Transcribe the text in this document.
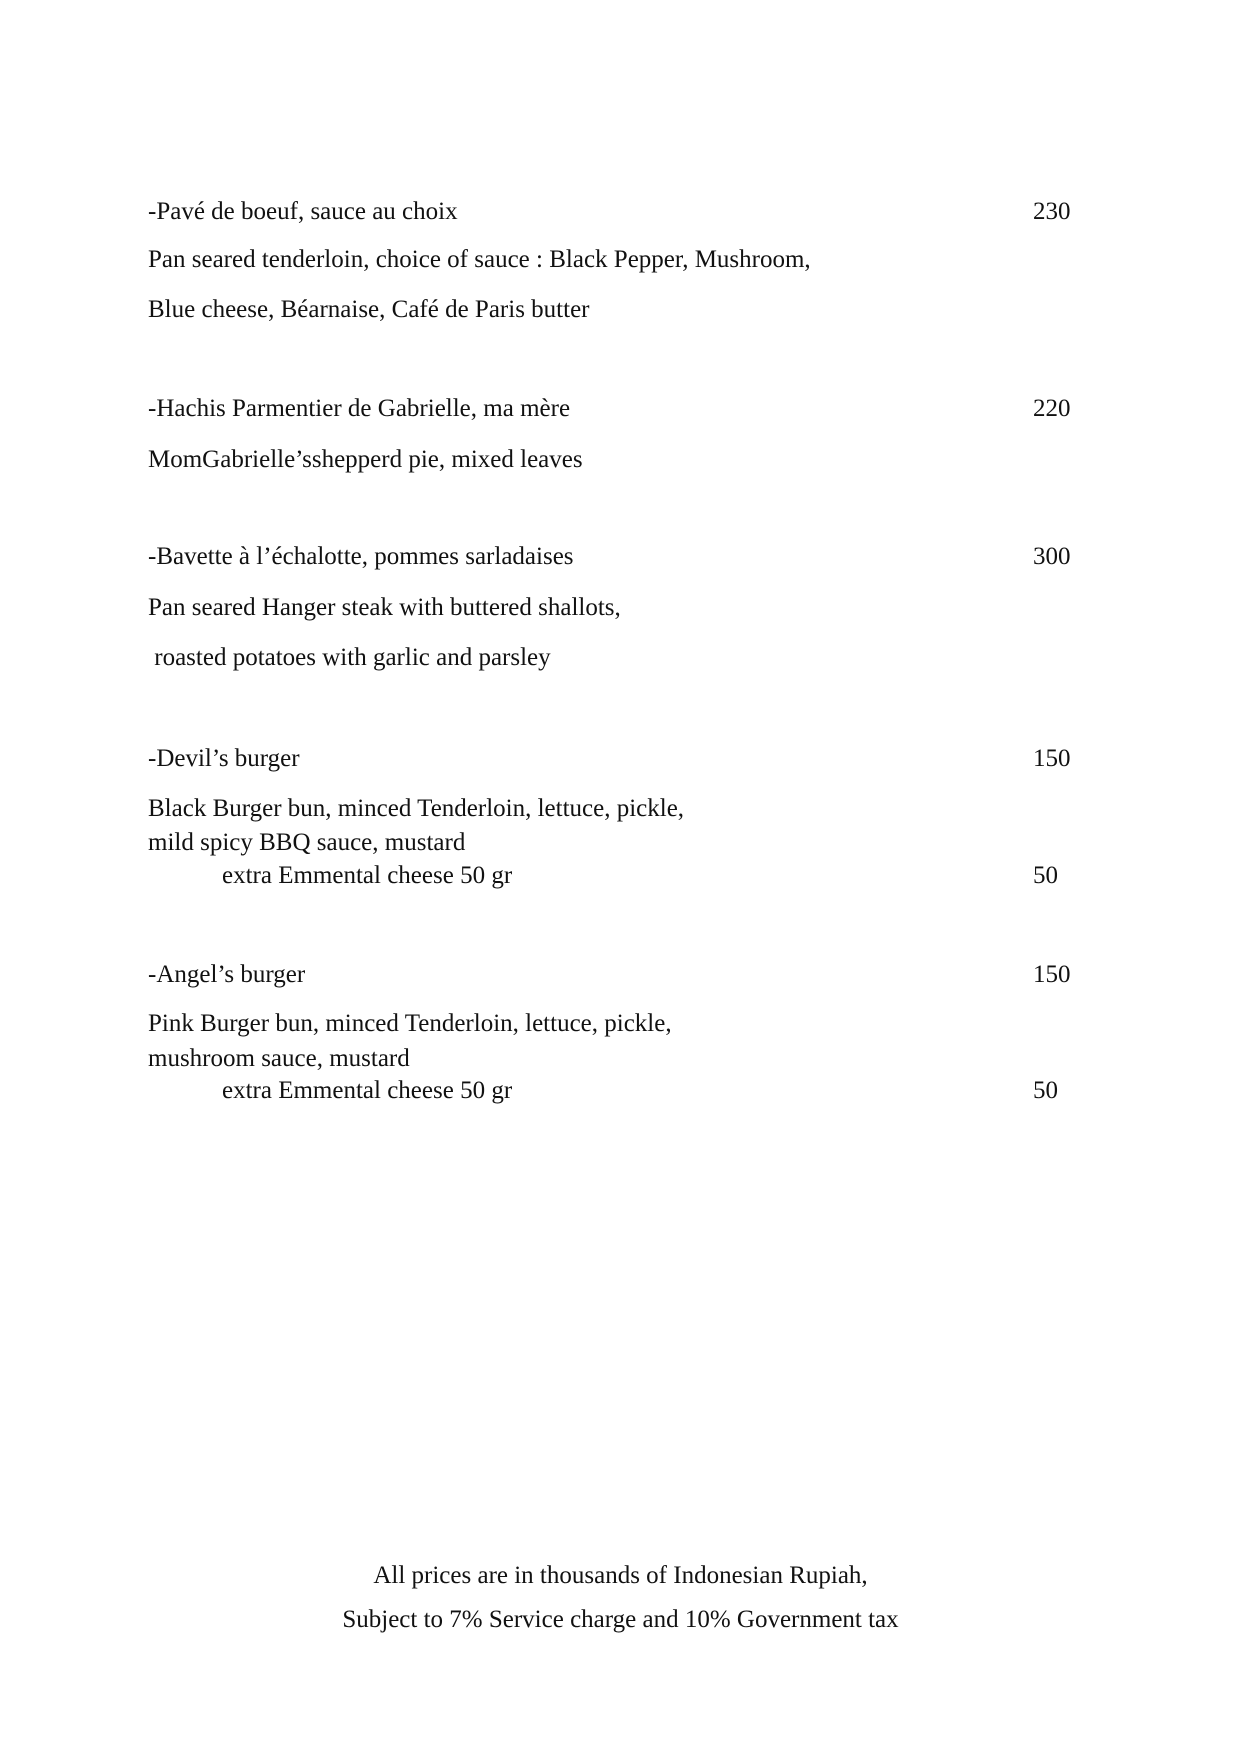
-Pavé de boeuf, sauce au choix	230
Pan seared tenderloin, choice of sauce : Black Pepper, Mushroom,
Blue cheese, Béarnaise, Café de Paris butter
-Hachis Parmentier de Gabrielle, ma mère	220
MomGabrielle’sshepperd pie, mixed leaves
-Bavette à l’échalotte, pommes sarladaises	300
Pan seared Hanger steak with buttered shallots,
roasted potatoes with garlic and parsley
-Devil’s burger	150
Black Burger bun, minced Tenderloin, lettuce, pickle,
mild spicy BBQ sauce, mustard
extra Emmental cheese 50 gr	50
-Angel’s burger	150
Pink Burger bun, minced Tenderloin, lettuce, pickle,
mushroom sauce, mustard
extra Emmental cheese 50 gr	50
All prices are in thousands of Indonesian Rupiah,
Subject to 7% Service charge and 10% Government tax
